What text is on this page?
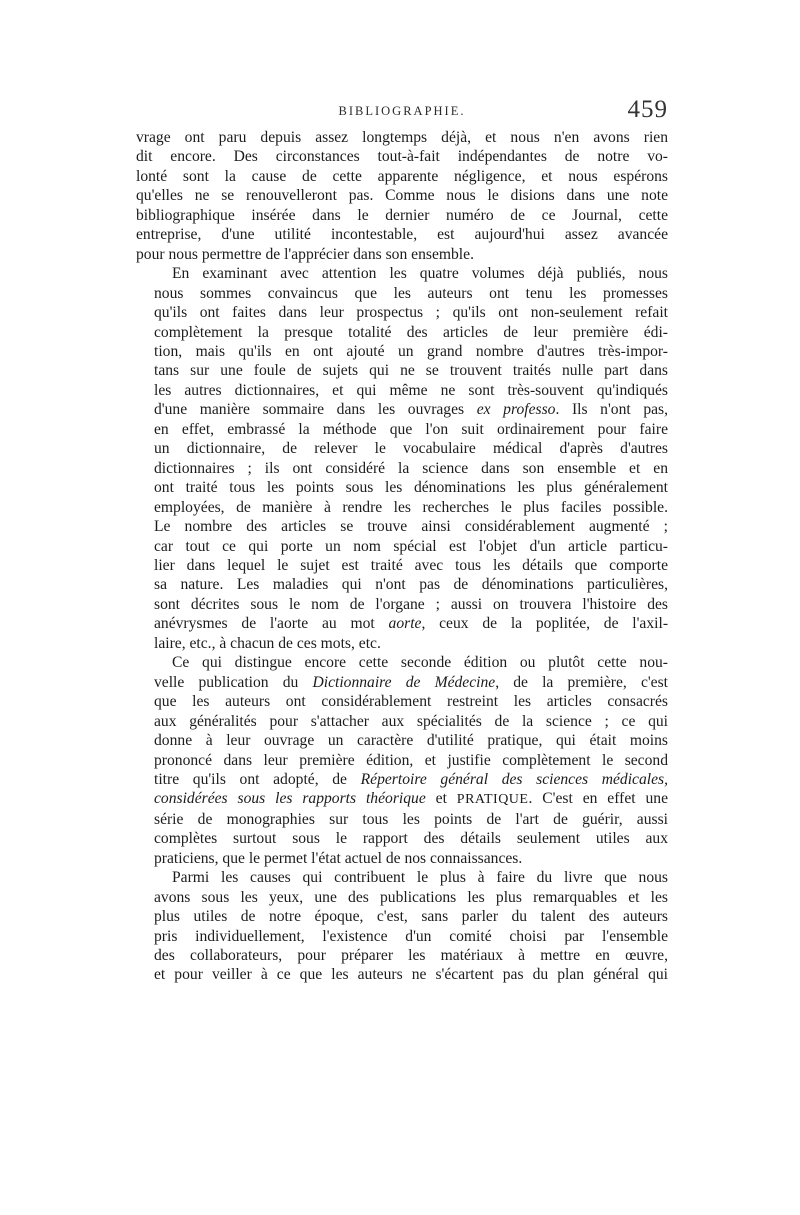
BIBLIOGRAPHIE.	459
vrage ont paru depuis assez longtemps déjà, et nous n'en avons rien
dit encore. Des circonstances tout-à-fait indépendantes de notre vo-
lonté sont la cause de cette apparente négligence, et nous espérons
qu'elles ne se renouvelleront pas. Comme nous le disions dans une note
bibliographique insérée dans le dernier numéro de ce Journal, cette
entreprise, d'une utilité incontestable, est aujourd'hui assez avancée
pour nous permettre de l'apprécier dans son ensemble.
En examinant avec attention les quatre volumes déjà publiés, nous
nous sommes convaincus que les auteurs ont tenu les promesses
qu'ils ont faites dans leur prospectus ; qu'ils ont non-seulement refait
complètement la presque totalité des articles de leur première édi-
tion, mais qu'ils en ont ajouté un grand nombre d'autres très-impor-
tans sur une foule de sujets qui ne se trouvent traités nulle part dans
les autres dictionnaires, et qui même ne sont très-souvent qu'indiqués
d'une manière sommaire dans les ouvrages ex professo. Ils n'ont pas,
en effet, embrassé la méthode que l'on suit ordinairement pour faire
un dictionnaire, de relever le vocabulaire médical d'après d'autres
dictionnaires ; ils ont considéré la science dans son ensemble et en
ont traité tous les points sous les dénominations les plus généralement
employées, de manière à rendre les recherches le plus faciles possible.
Le nombre des articles se trouve ainsi considérablement augmenté ;
car tout ce qui porte un nom spécial est l'objet d'un article particu-
lier dans lequel le sujet est traité avec tous les détails que comporte
sa nature. Les maladies qui n'ont pas de dénominations particulières,
sont décrites sous le nom de l'organe ; aussi on trouvera l'histoire des
anévrysmes de l'aorte au mot aorte, ceux de la poplitée, de l'axil-
laire, etc., à chacun de ces mots, etc.
Ce qui distingue encore cette seconde édition ou plutôt cette nou-
velle publication du Dictionnaire de Médecine, de la première, c'est
que les auteurs ont considérablement restreint les articles consacrés
aux généralités pour s'attacher aux spécialités de la science ; ce qui
donne à leur ouvrage un caractère d'utilité pratique, qui était moins
prononcé dans leur première édition, et justifie complètement le second
titre qu'ils ont adopté, de Répertoire général des sciences médicales,
considérées sous les rapports théorique et PRATIQUE. C'est en effet une
série de monographies sur tous les points de l'art de guérir, aussi
complètes surtout sous le rapport des détails seulement utiles aux
praticiens, que le permet l'état actuel de nos connaissances.
Parmi les causes qui contribuent le plus à faire du livre que nous
avons sous les yeux, une des publications les plus remarquables et les
plus utiles de notre époque, c'est, sans parler du talent des auteurs
pris individuellement, l'existence d'un comité choisi par l'ensemble
des collaborateurs, pour préparer les matériaux à mettre en œuvre,
et pour veiller à ce que les auteurs ne s'écartent pas du plan général qui
